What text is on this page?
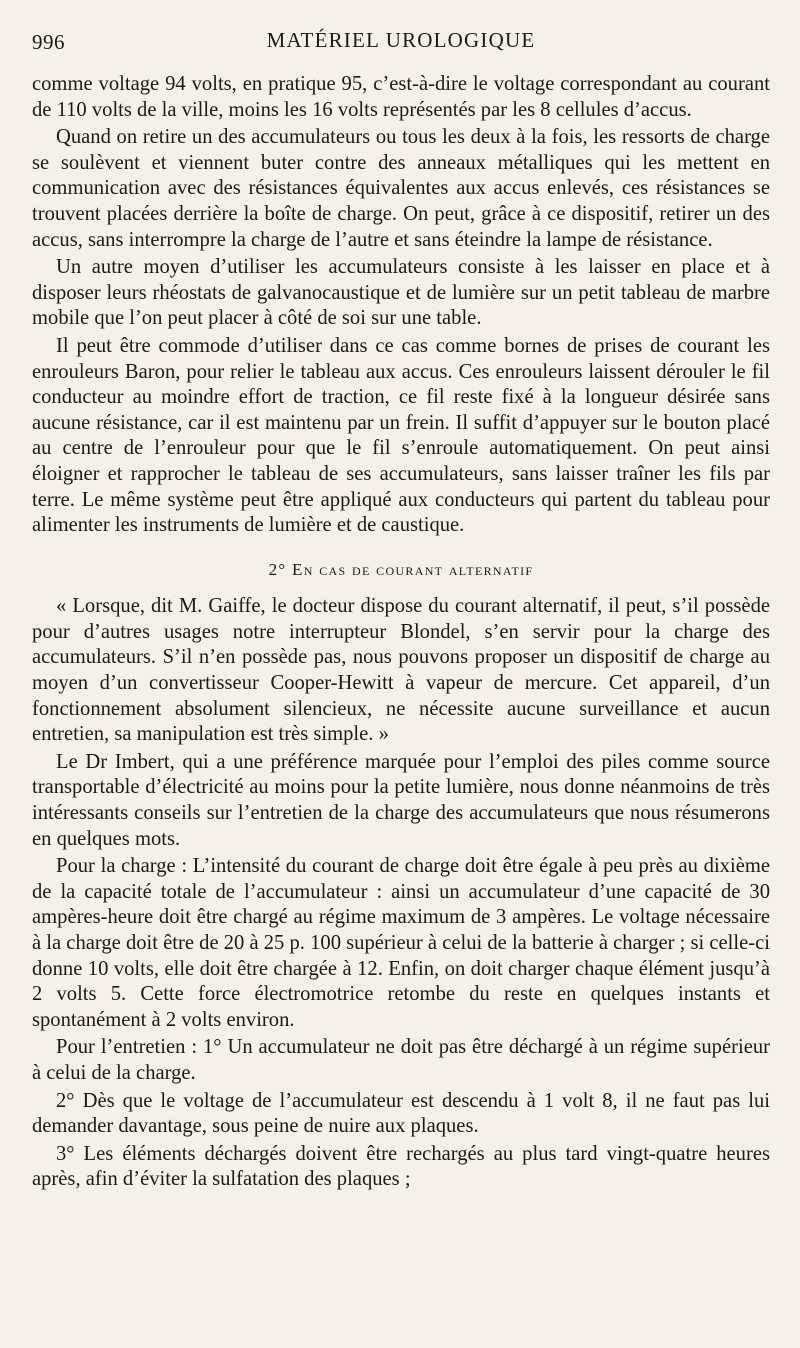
996	MATÉRIEL UROLOGIQUE

comme voltage 94 volts, en pratique 95, c’est-à-dire le voltage correspondant au courant de 110 volts de la ville, moins les 16 volts représentés par les 8 cellules d’accus.

Quand on retire un des accumulateurs ou tous les deux à la fois, les ressorts de charge se soulèvent et viennent buter contre des anneaux métalliques qui les mettent en communication avec des résistances équivalentes aux accus enlevés, ces résistances se trouvent placées derrière la boîte de charge. On peut, grâce à ce dispositif, retirer un des accus, sans interrompre la charge de l’autre et sans éteindre la lampe de résistance.

Un autre moyen d’utiliser les accumulateurs consiste à les laisser en place et à disposer leurs rhéostats de galvanocaustique et de lumière sur un petit tableau de marbre mobile que l’on peut placer à côté de soi sur une table.

Il peut être commode d’utiliser dans ce cas comme bornes de prises de courant les enrouleurs Baron, pour relier le tableau aux accus. Ces enrouleurs laissent dérouler le fil conducteur au moindre effort de traction, ce fil reste fixé à la longueur désirée sans aucune résistance, car il est maintenu par un frein. Il suffit d’appuyer sur le bouton placé au centre de l’enrouleur pour que le fil s’enroule automatiquement. On peut ainsi éloigner et rapprocher le tableau de ses accumulateurs, sans laisser traîner les fils par terre. Le même système peut être appliqué aux conducteurs qui partent du tableau pour alimenter les instruments de lumière et de caustique.

2° En cas de courant alternatif

« Lorsque, dit M. Gaiffe, le docteur dispose du courant alternatif, il peut, s’il possède pour d’autres usages notre interrupteur Blondel, s’en servir pour la charge des accumulateurs. S’il n’en possède pas, nous pouvons proposer un dispositif de charge au moyen d’un convertisseur Cooper-Hewitt à vapeur de mercure. Cet appareil, d’un fonctionnement absolument silencieux, ne nécessite aucune surveillance et aucun entretien, sa manipulation est très simple. »

Le Dr Imbert, qui a une préférence marquée pour l’emploi des piles comme source transportable d’électricité au moins pour la petite lumière, nous donne néanmoins de très intéressants conseils sur l’entretien de la charge des accumulateurs que nous résumerons en quelques mots.

Pour la charge : L’intensité du courant de charge doit être égale à peu près au dixième de la capacité totale de l’accumulateur : ainsi un accumulateur d’une capacité de 30 ampères-heure doit être chargé au régime maximum de 3 ampères. Le voltage nécessaire à la charge doit être de 20 à 25 p. 100 supérieur à celui de la batterie à charger ; si celle-ci donne 10 volts, elle doit être chargée à 12. Enfin, on doit charger chaque élément jusqu’à 2 volts 5. Cette force électromotrice retombe du reste en quelques instants et spontanément à 2 volts environ.

Pour l’entretien : 1° Un accumulateur ne doit pas être déchargé à un régime supérieur à celui de la charge.

2° Dès que le voltage de l’accumulateur est descendu à 1 volt 8, il ne faut pas lui demander davantage, sous peine de nuire aux plaques.

3° Les éléments déchargés doivent être rechargés au plus tard vingt-quatre heures après, afin d’éviter la sulfatation des plaques ;
